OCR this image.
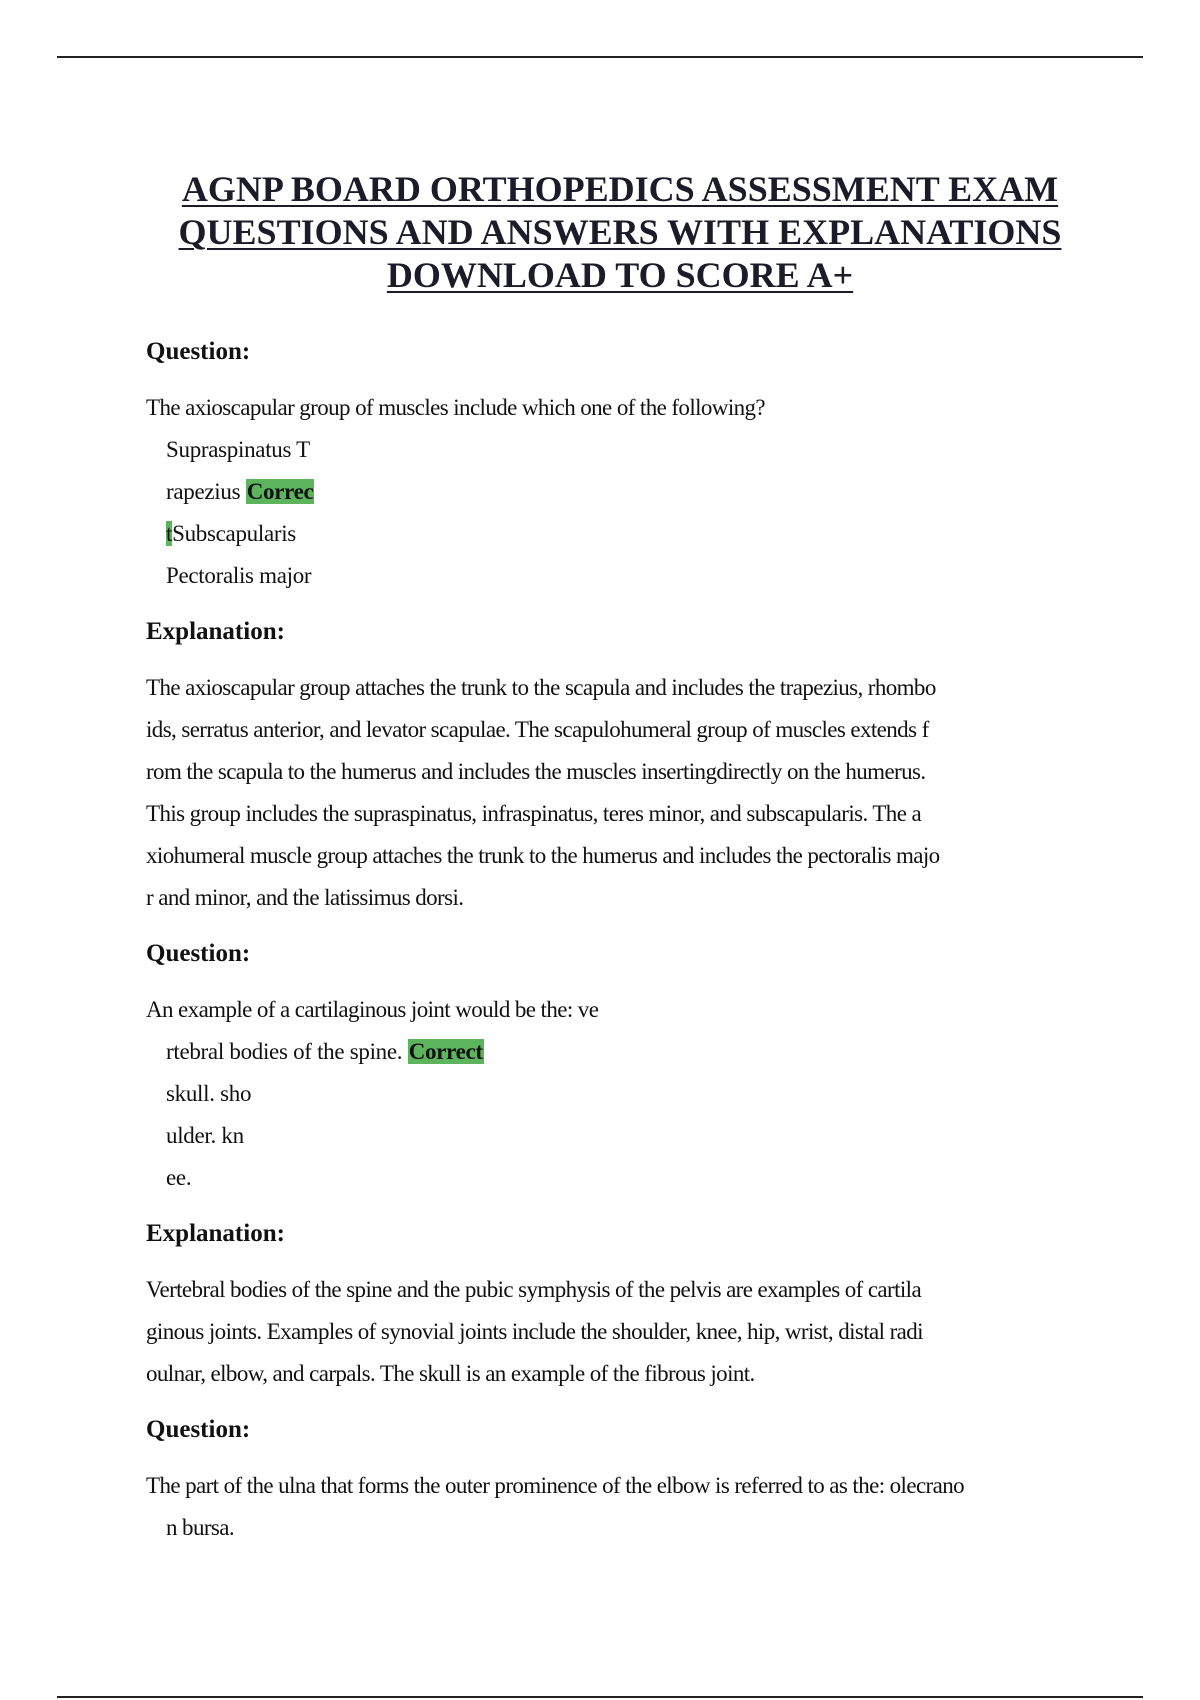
AGNP BOARD ORTHOPEDICS ASSESSMENT EXAM
QUESTIONS AND ANSWERS WITH EXPLANATIONS
DOWNLOAD TO SCORE A+

Question:

The axioscapular group of muscles include which one of the following?

Supraspinatus T

rapezius Correc

tSubscapularis

Pectoralis major

Explanation:

The axioscapular group attaches the trunk to the scapula and includes the trapezius, rhombo

ids, serratus anterior, and levator scapulae. The scapulohumeral group of muscles extends f

rom the scapula to the humerus and includes the muscles insertingdirectly on the humerus.

This group includes the supraspinatus, infraspinatus, teres minor, and subscapularis. The a

xiohumeral muscle group attaches the trunk to the humerus and includes the pectoralis majo

r and minor, and the latissimus dorsi.

Question:

An example of a cartilaginous joint would be the: ve

rtebral bodies of the spine. Correct

skull. sho

ulder. kn

ee.

Explanation:

Vertebral bodies of the spine and the pubic symphysis of the pelvis are examples of cartila

ginous joints. Examples of synovial joints include the shoulder, knee, hip, wrist, distal radi

oulnar, elbow, and carpals. The skull is an example of the fibrous joint.

Question:

The part of the ulna that forms the outer prominence of the elbow is referred to as the: olecrano

n bursa.
